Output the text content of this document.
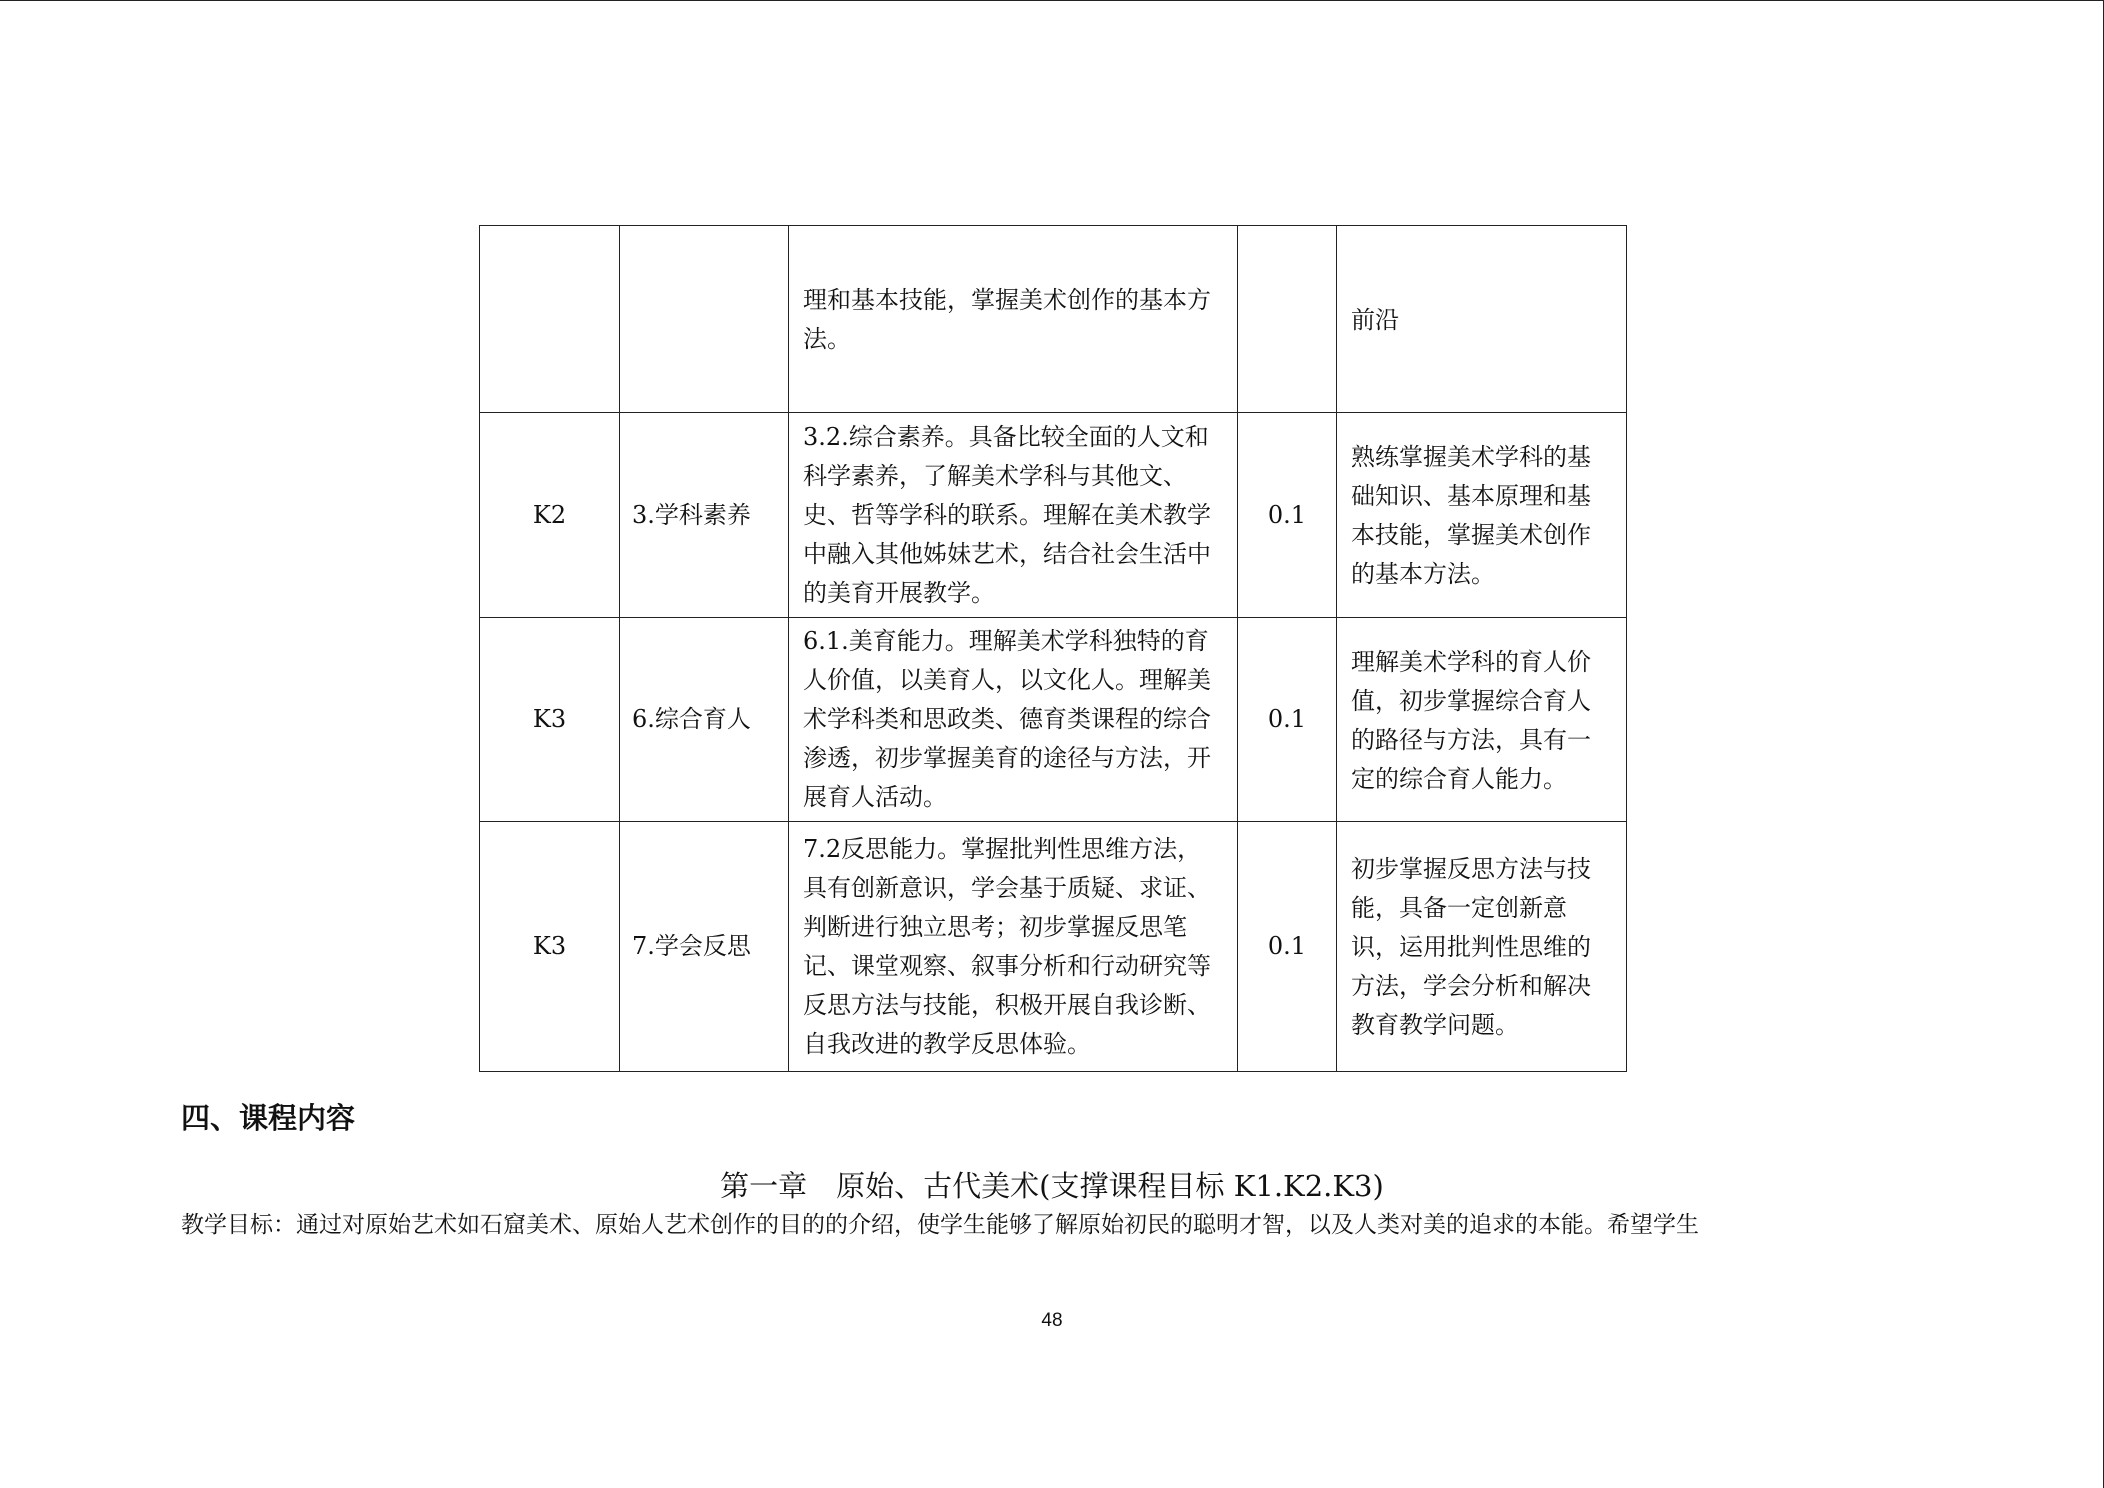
		理和基本技能，掌握美术创作的基本方法。		前沿
K2	3.学科素养	3.2.综合素养。具备比较全面的人文和科学素养，了解美术学科与其他文、史、哲等学科的联系。理解在美术教学中融入其他姊妹艺术，结合社会生活中的美育开展教学。	0.1	熟练掌握美术学科的基础知识、基本原理和基本技能，掌握美术创作的基本方法。
K3	6.综合育人	6.1.美育能力。理解美术学科独特的育人价值，以美育人，以文化人。理解美术学科类和思政类、德育类课程的综合渗透，初步掌握美育的途径与方法，开展育人活动。	0.1	理解美术学科的育人价值，初步掌握综合育人的路径与方法，具有一定的综合育人能力。
K3	7.学会反思	7.2反思能力。掌握批判性思维方法，具有创新意识，学会基于质疑、求证、判断进行独立思考；初步掌握反思笔记、课堂观察、叙事分析和行动研究等反思方法与技能，积极开展自我诊断、自我改进的教学反思体验。	0.1	初步掌握反思方法与技能，具备一定创新意识，运用批判性思维的方法，学会分析和解决教育教学问题。
四、课程内容
第一章　原始、古代美术(支撑课程目标 K1.K2.K3)
教学目标：通过对原始艺术如石窟美术、原始人艺术创作的目的的介绍，使学生能够了解原始初民的聪明才智，以及人类对美的追求的本能。希望学生
48
